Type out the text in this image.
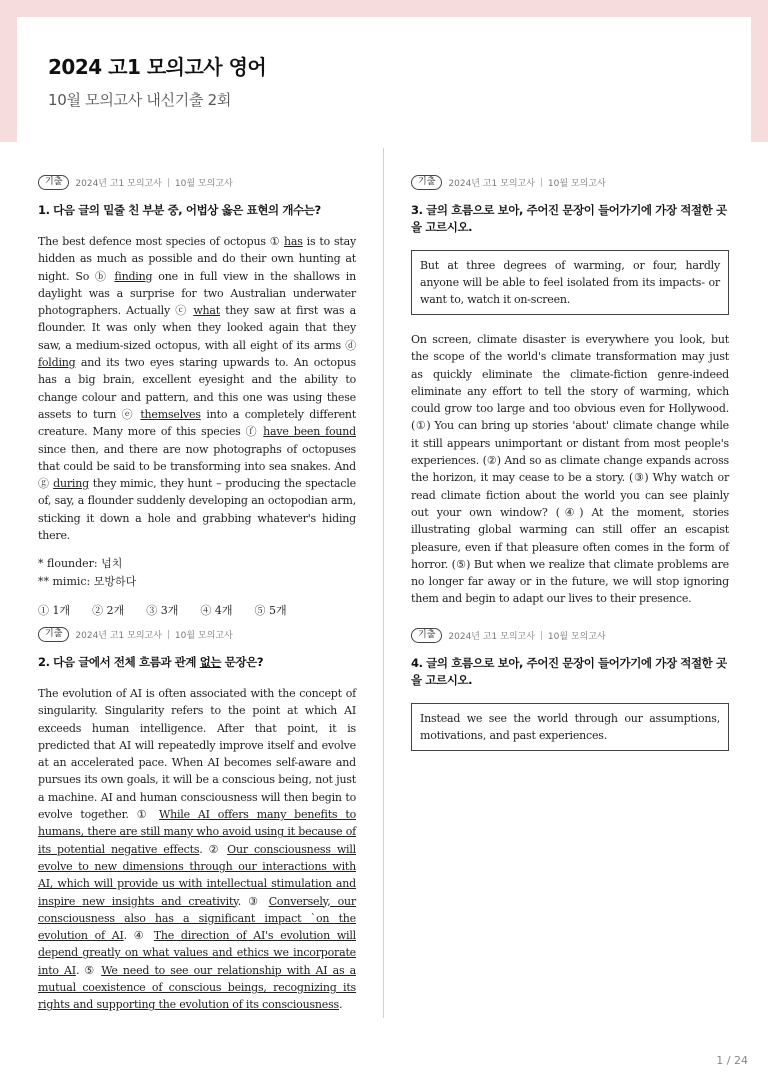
2024 고1 모의고사 영어
10월 모의고사 내신기출 2회
기출	2024년 고1 모의고사 10월 모의고사
1. 다음 글의 밑줄 친 부분 중, 어법상 옳은 표현의 개수는?
The best defence most species of octopus ① has is to stay hidden as much as possible and do their own hunting at night. So ⓑ finding one in full view in the shallows in daylight was a surprise for two Australian underwater photographers. Actually ⓒ what they saw at first was a flounder. It was only when they looked again that they saw, a medium-sized octopus, with all eight of its arms ⓓ folding and its two eyes staring upwards to. An octopus has a big brain, excellent eyesight and the ability to change colour and pattern, and this one was using these assets to turn ⓔ themselves into a completely different creature. Many more of this species ⓕ have been found since then, and there are now photographs of octopuses that could be said to be transforming into sea snakes. And ⓖ during they mimic, they hunt – producing the spectacle of, say, a flounder suddenly developing an octopodian arm, sticking it down a hole and grabbing whatever's hiding there.
* flounder: 넙치
** mimic: 모방하다
① 1개 ② 2개 ③ 3개 ④ 4개 ⑤ 5개
기출	2024년 고1 모의고사 10월 모의고사
2. 다음 글에서 전체 흐름과 관계 없는 문장은?
The evolution of AI is often associated with the concept of singularity. Singularity refers to the point at which AI exceeds human intelligence. After that point, it is predicted that AI will repeatedly improve itself and evolve at an accelerated pace. When AI becomes self-aware and pursues its own goals, it will be a conscious being, not just a machine. AI and human consciousness will then begin to evolve together. ① While AI offers many benefits to humans, there are still many who avoid using it because of its potential negative effects. ② Our consciousness will evolve to new dimensions through our interactions with AI, which will provide us with intellectual stimulation and inspire new insights and creativity. ③ Conversely, our consciousness also has a significant impact `on the evolution of AI. ④ The direction of AI's evolution will depend greatly on what values and ethics we incorporate into AI. ⑤ We need to see our relationship with AI as a mutual coexistence of conscious beings, recognizing its rights and supporting the evolution of its consciousness.
기출	2024년 고1 모의고사 10월 모의고사
3. 글의 흐름으로 보아, 주어진 문장이 들어가기에 가장 적절한 곳을 고르시오.
But at three degrees of warming, or four, hardly anyone will be able to feel isolated from its impacts- or want to, watch it on-screen.
On screen, climate disaster is everywhere you look, but the scope of the world's climate transformation may just as quickly eliminate the climate-fiction genre-indeed eliminate any effort to tell the story of warming, which could grow too large and too obvious even for Hollywood. (①) You can bring up stories 'about' climate change while it still appears unimportant or distant from most people's experiences. (②) And so as climate change expands across the horizon, it may cease to be a story. (③) Why watch or read climate fiction about the world you can see plainly out your own window? (④) At the moment, stories illustrating global warming can still offer an escapist pleasure, even if that pleasure often comes in the form of horror. (⑤) But when we realize that climate problems are no longer far away or in the future, we will stop ignoring them and begin to adapt our lives to their presence.
기출	2024년 고1 모의고사 10월 모의고사
4. 글의 흐름으로 보아, 주어진 문장이 들어가기에 가장 적절한 곳을 고르시오.
Instead we see the world through our assumptions, motivations, and past experiences.
1 / 24
